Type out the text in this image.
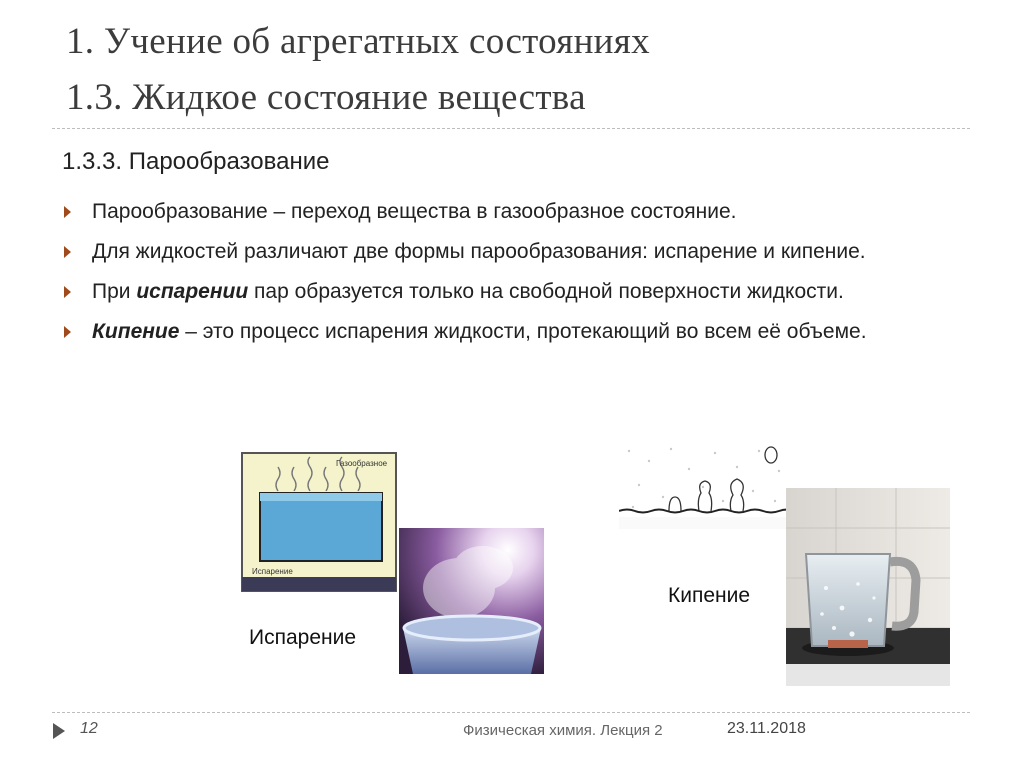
1. Учение об агрегатных состояниях
1.3. Жидкое состояние вещества
1.3.3. Парообразование
Парообразование – переход вещества в газообразное состояние.
Для жидкостей различают две формы парообразования: испарение и кипение.
При испарении пар образуется только на свободной поверхности жидкости.
Кипение – это процесс испарения жидкости, протекающий во всем её объеме.
Газообразное
Испарение
Испарение
Кипение
12	Физическая химия. Лекция 2	23.11.2018
